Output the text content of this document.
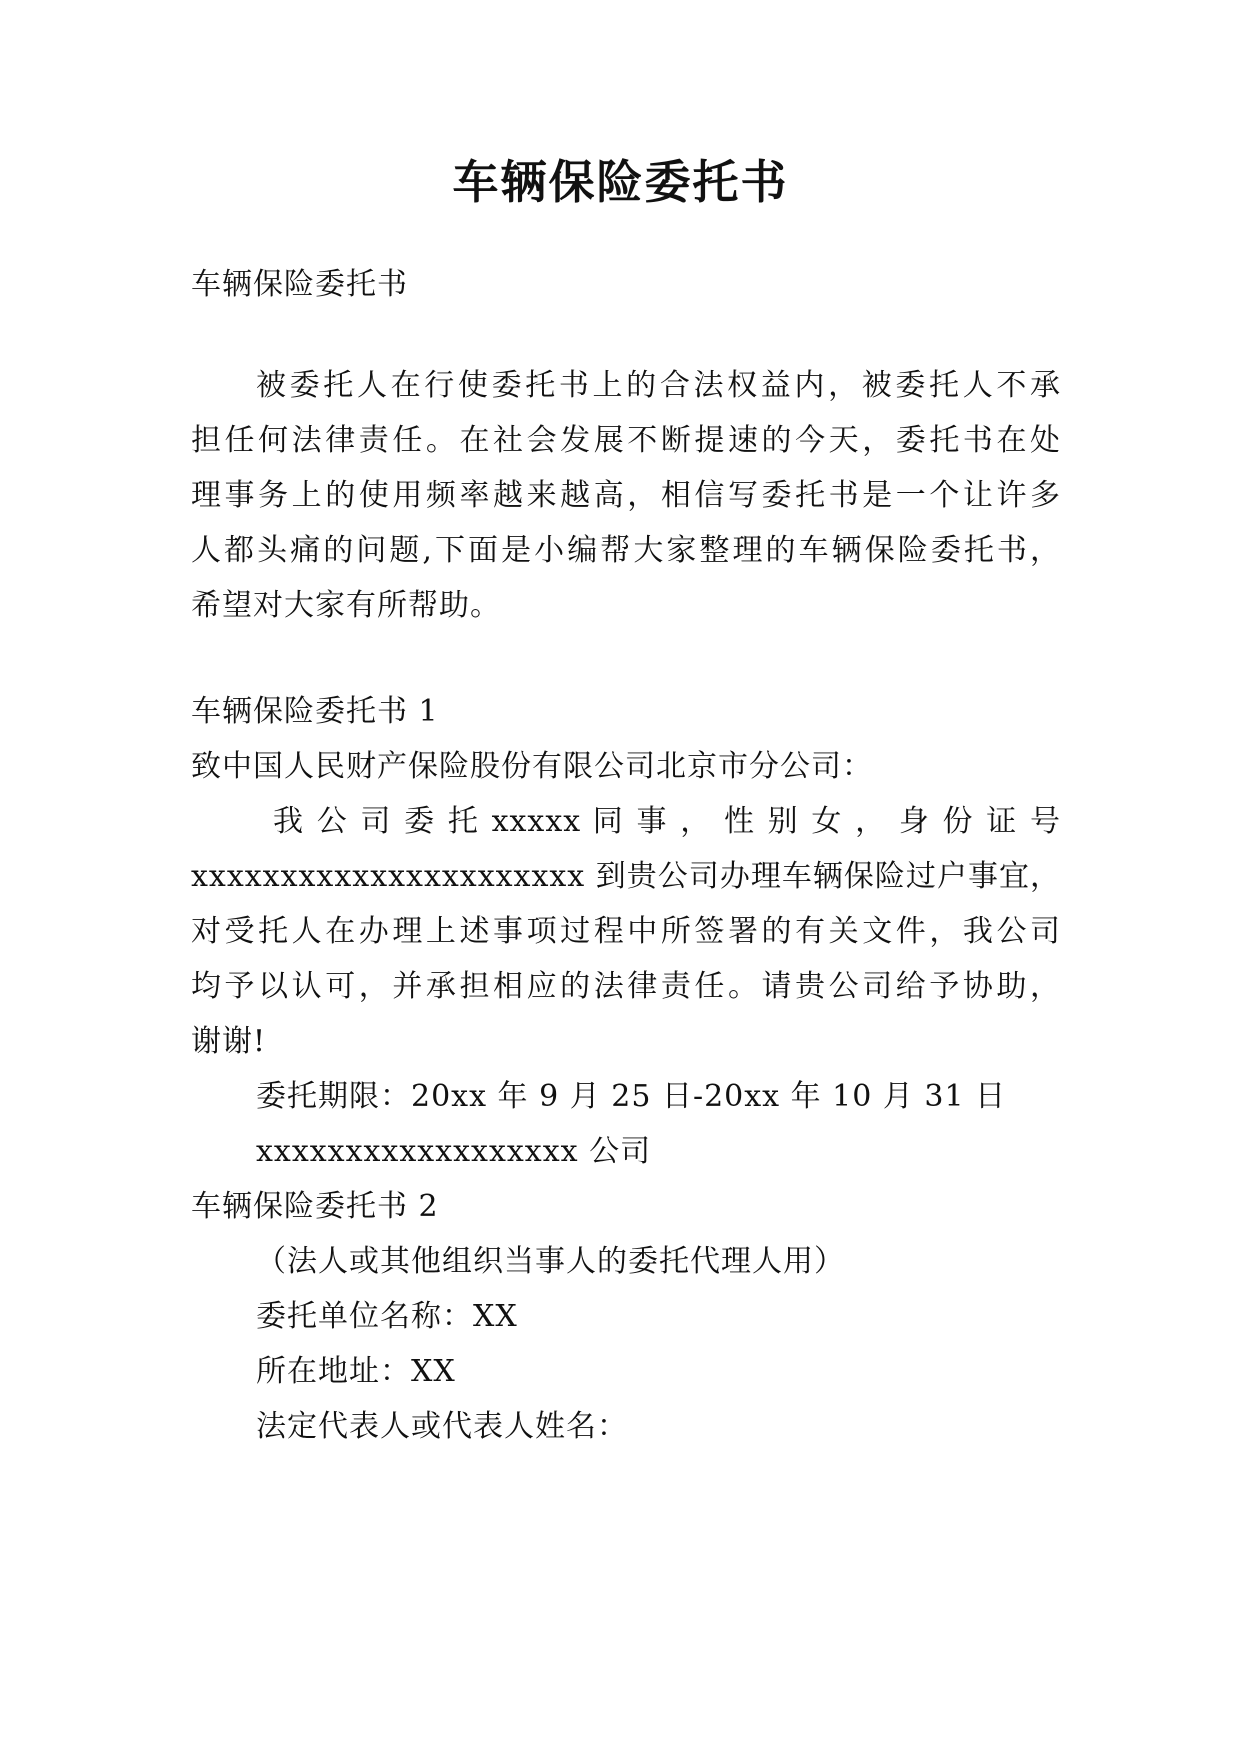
车辆保险委托书
车辆保险委托书
被委托人在行使委托书上的合法权益内，被委托人不承
担任何法律责任。在社会发展不断提速的今天，委托书在处
理事务上的使用频率越来越高，相信写委托书是一个让许多
人都头痛的问题,下面是小编帮大家整理的车辆保险委托书，
希望对大家有所帮助。
车辆保险委托书 1
致中国人民财产保险股份有限公司北京市分公司：
我 公 司 委 托 xxxxx 同 事 ， 性 别 女 ， 身 份 证 号
xxxxxxxxxxxxxxxxxxxxxx 到贵公司办理车辆保险过户事宜，
对受托人在办理上述事项过程中所签署的有关文件，我公司
均予以认可，并承担相应的法律责任。请贵公司给予协助，
谢谢!
委托期限：20xx 年 9 月 25 日-20xx 年 10 月 31 日
xxxxxxxxxxxxxxxxxx 公司
车辆保险委托书 2
（法人或其他组织当事人的委托代理人用）
委托单位名称：XX
所在地址：XX
法定代表人或代表人姓名：
